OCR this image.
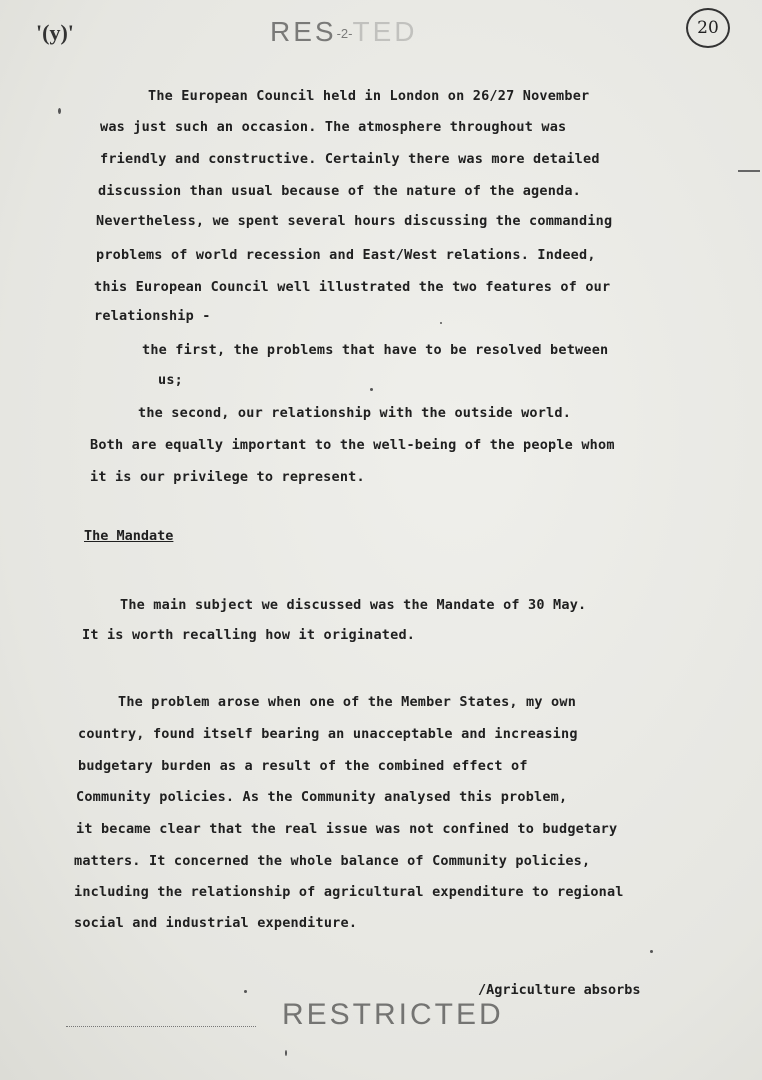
'(y)'	RES-2-TED	20
The European Council held in London on 26/27 November
was just such an occasion. The atmosphere throughout was
friendly and constructive. Certainly there was more detailed
discussion than usual because of the nature of the agenda.
Nevertheless, we spent several hours discussing the commanding
problems of world recession and East/West relations. Indeed,
this European Council well illustrated the two features of our
relationship -
the first, the problems that have to be resolved between
us;
the second, our relationship with the outside world.
Both are equally important to the well-being of the people whom
it is our privilege to represent.
The Mandate
The main subject we discussed was the Mandate of 30 May.
It is worth recalling how it originated.
The problem arose when one of the Member States, my own
country, found itself bearing an unacceptable and increasing
budgetary burden as a result of the combined effect of
Community policies. As the Community analysed this problem,
it became clear that the real issue was not confined to budgetary
matters. It concerned the whole balance of Community policies,
including the relationship of agricultural expenditure to regional
social and industrial expenditure.
/Agriculture absorbs
RESTRICTED
